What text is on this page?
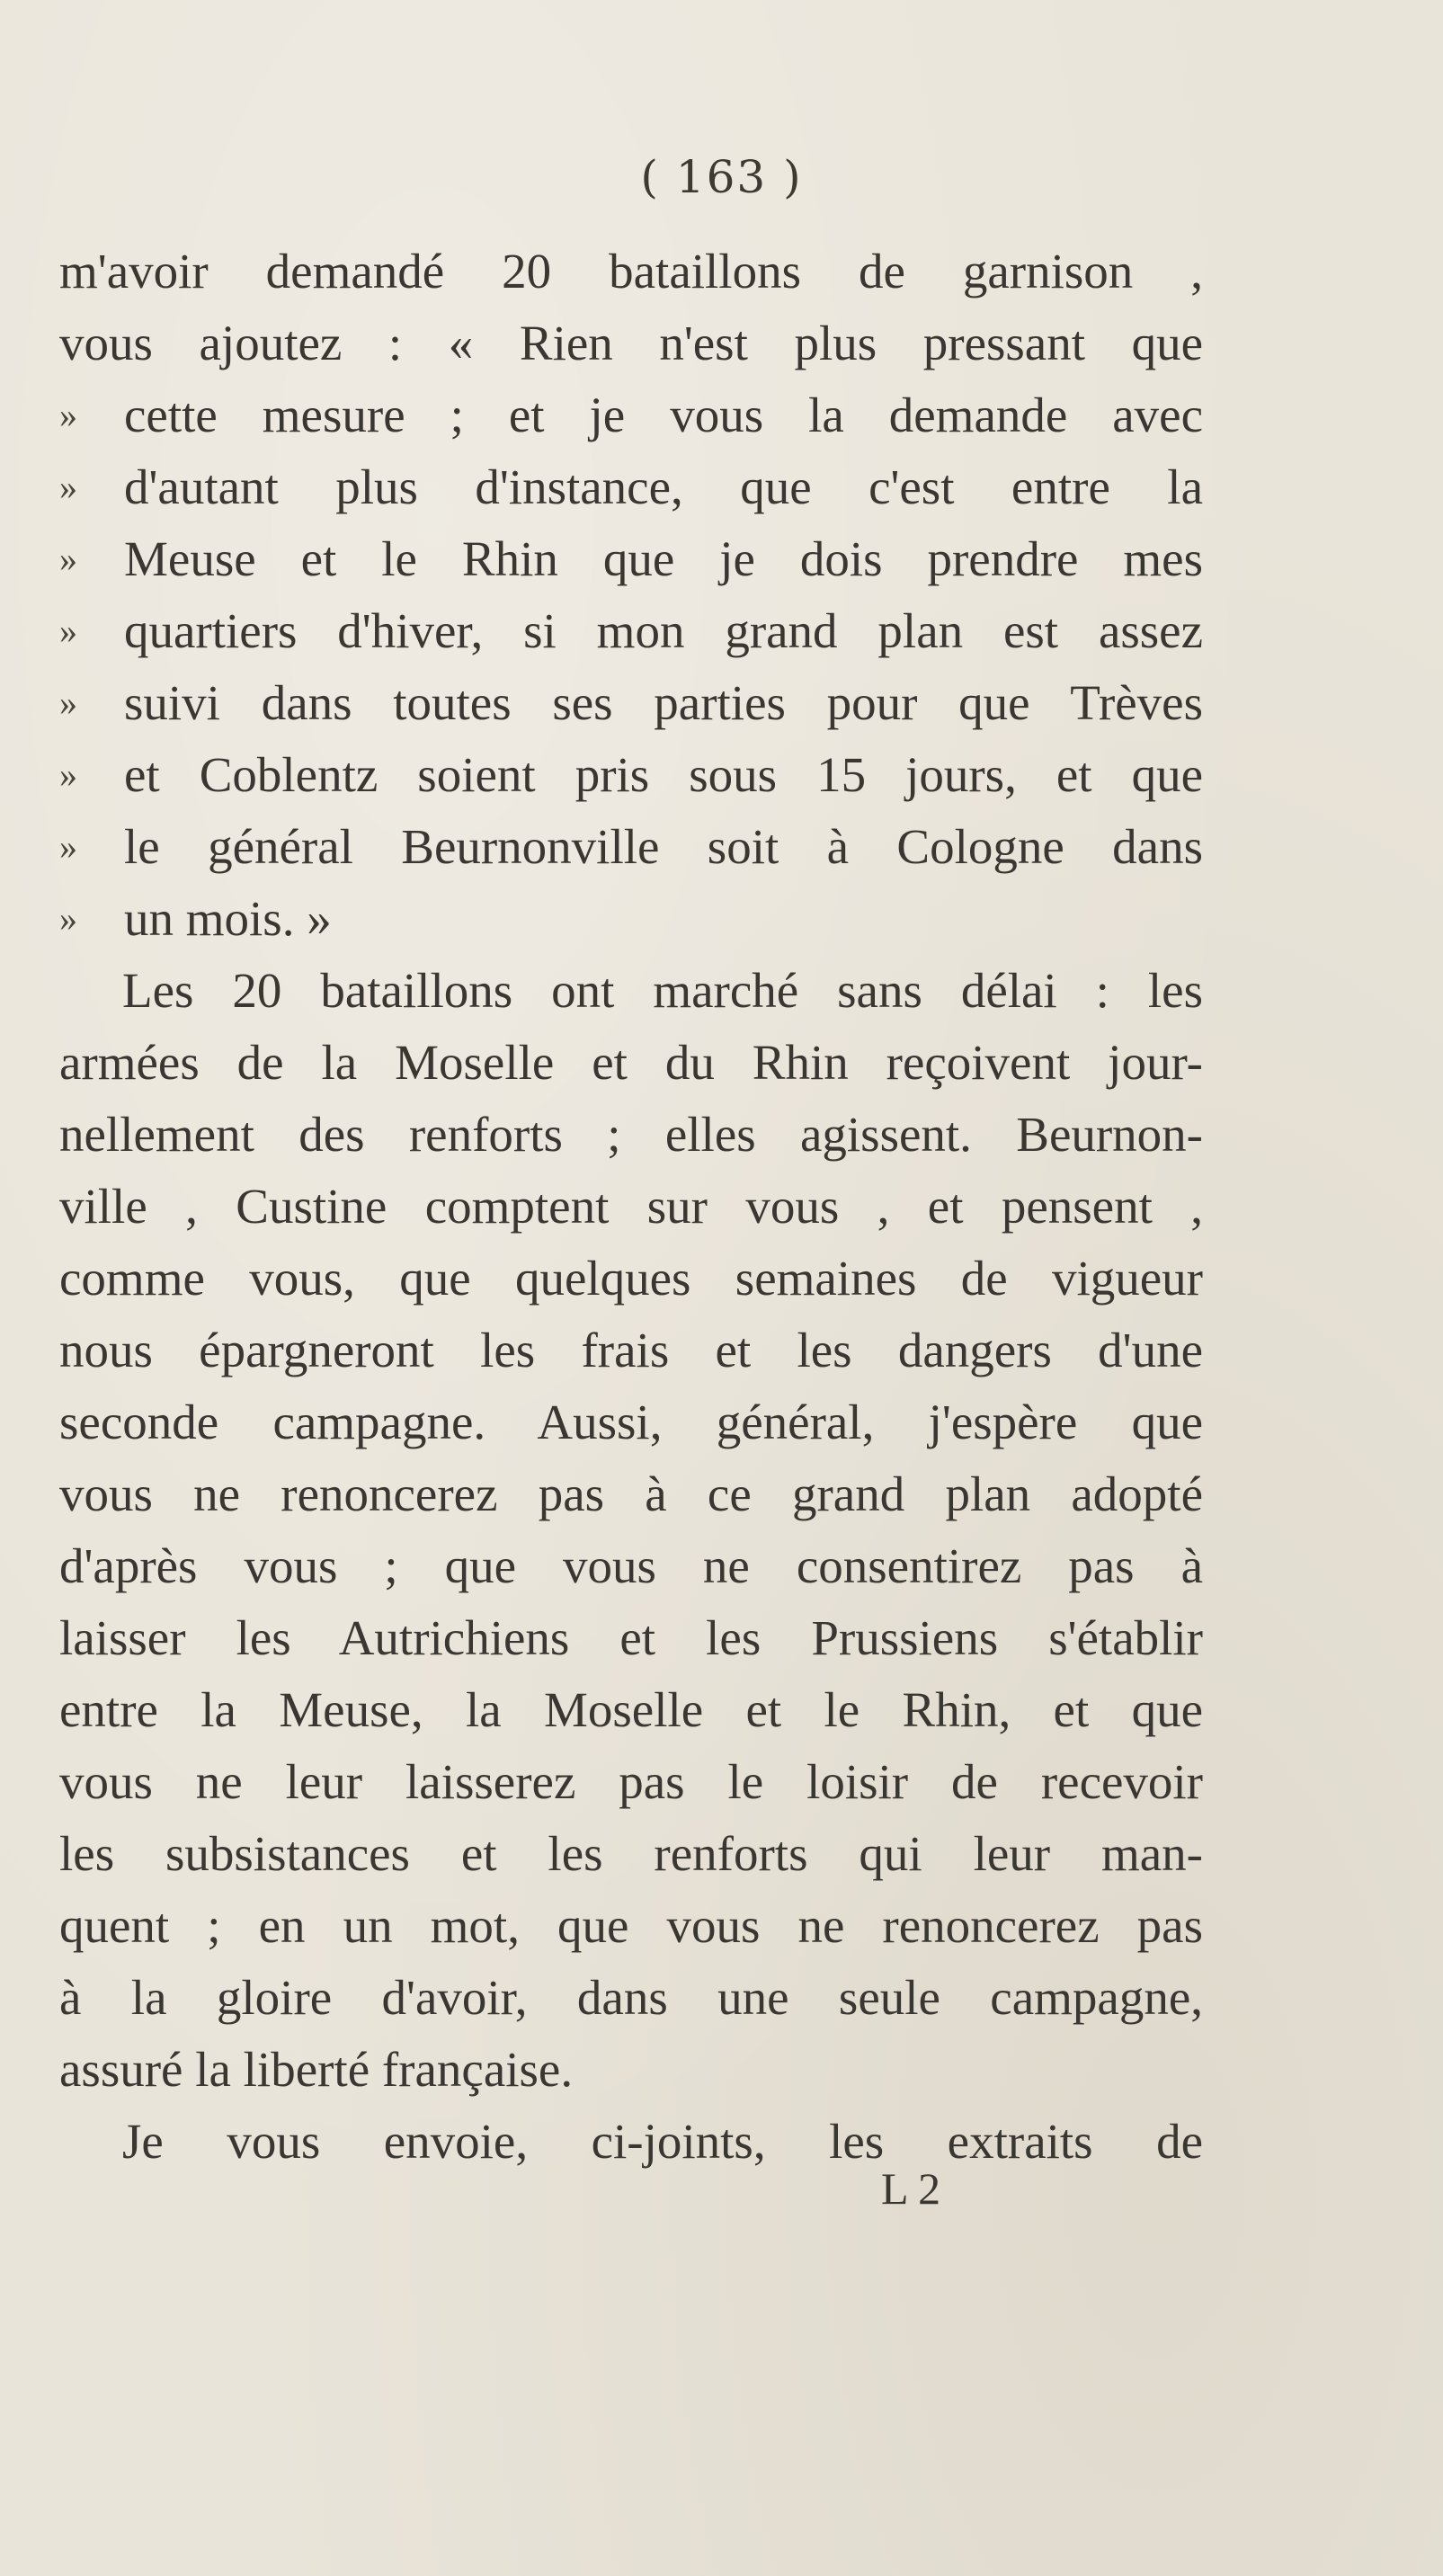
( 163 )
m'avoir demandé 20 bataillons de garnison ,
vous ajoutez : « Rien n'est plus pressant que
» cette mesure ; et je vous la demande avec
» d'autant plus d'instance, que c'est entre la
» Meuse et le Rhin que je dois prendre mes
» quartiers d'hiver, si mon grand plan est assez
» suivi dans toutes ses parties pour que Trèves
» et Coblentz soient pris sous 15 jours, et que
» le général Beurnonville soit à Cologne dans
» un mois. »
Les 20 bataillons ont marché sans délai : les
armées de la Moselle et du Rhin reçoivent jour-
nellement des renforts ; elles agissent. Beurnon-
ville , Custine comptent sur vous , et pensent ,
comme vous, que quelques semaines de vigueur
nous épargneront les frais et les dangers d'une
seconde campagne. Aussi, général, j'espère que
vous ne renoncerez pas à ce grand plan adopté
d'après vous ; que vous ne consentirez pas à
laisser les Autrichiens et les Prussiens s'établir
entre la Meuse, la Moselle et le Rhin, et que
vous ne leur laisserez pas le loisir de recevoir
les subsistances et les renforts qui leur man-
quent ; en un mot, que vous ne renoncerez pas
à la gloire d'avoir, dans une seule campagne,
assuré la liberté française.
Je vous envoie, ci-joints, les extraits de
L 2
